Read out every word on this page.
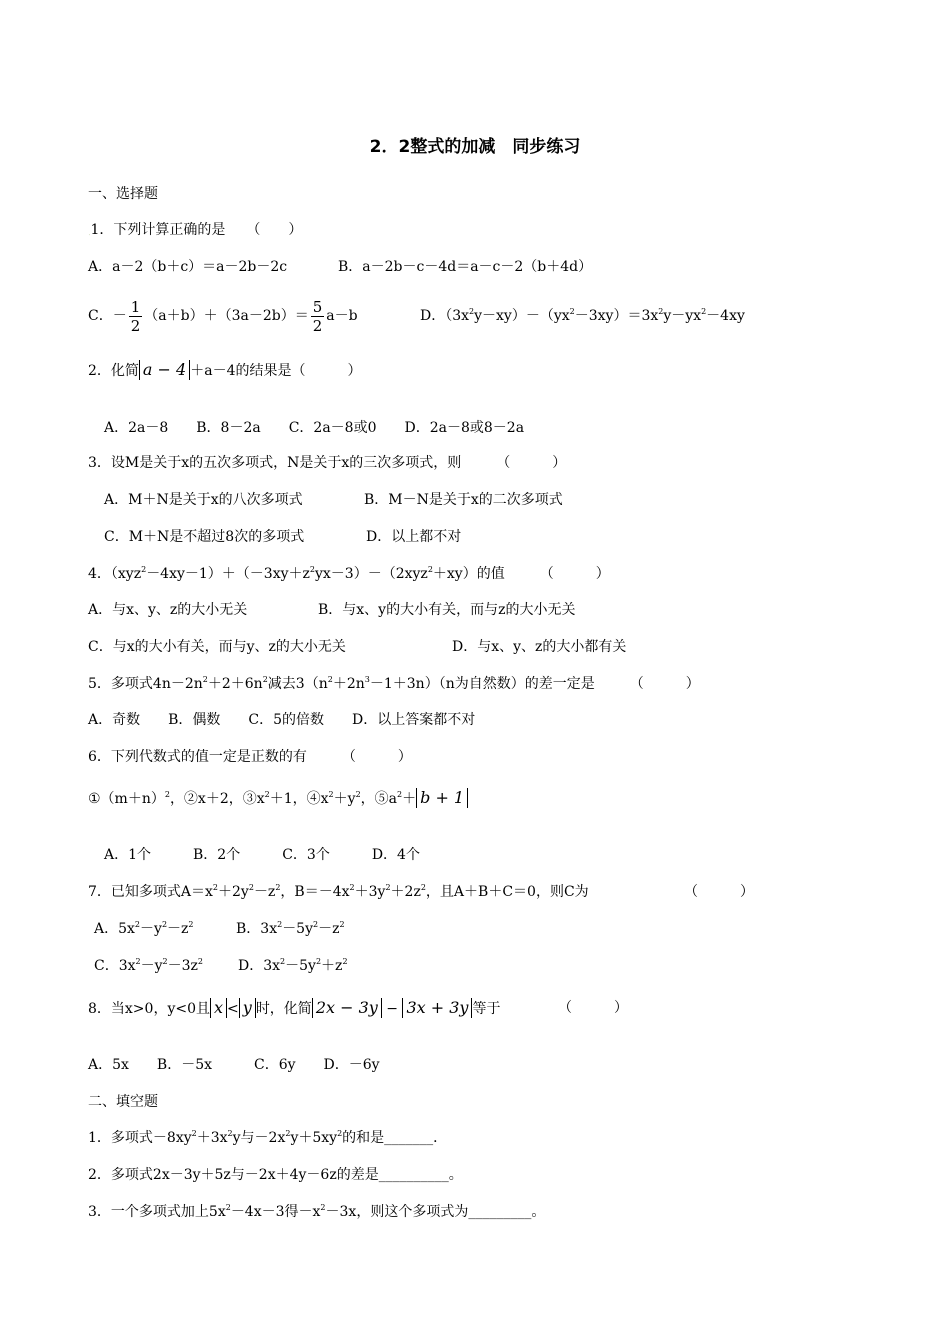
2．2整式的加减　同步练习
一、选择题
$_˙$1．下列计算正确的是　　（　　）
A．a－2（b＋c）＝a－2b－2c	B．a－2b－c－4d＝a－c－2（b＋4d）
C．－ $\frac{1}{2} (a+b)+(3a-2b)= \frac{5}{2} a-b$	D．$(3x^2y-xy)-(yx^2-3xy)=3x^2y-yx^2-4xy$
2．化简 a − 4 ＋a－4的结果是（　　　）
A．2a－8　　B．8－2a　　C．2a－8或0　　D．2a－8或8－2a
3．设M是关于x的五次多项式，N是关于x的三次多项式，则　　　（　　　）
A．M＋N是关于x的八次多项式	B．M－N是关于x的二次多项式
C．M＋N是不超过8次的多项式	D．以上都不对
4．$(xyz^2-4xy-1)+(-3xy+z^2yx-3)-(2xyz^2+xy)$的值　　　（　　　）
A．与x、y、z的大小无关	B．与x、y的大小有关，而与z的大小无关
C．与x的大小有关，而与y、z的大小无关	D．与x、y、z的大小都有关
5．多项式$4n-2n^2+2+6n^2$减去$3(n^2+2n^3-1+3n)(n$为自然数）的差一定是　　　（　　　）
A．奇数　　B．偶数　　C．5的倍数　　D．以上答案都不对
6．下列代数式的值一定是正数的有　　　（　　　）
$①(m+n)^2$，②x＋2，$③x^2+1$，$④x^2+y^2$，$⑤a^2+ b + 1$
A．1个　　　B．2个　　　C．3个　　　D．4个
7．已知多项式$A=x^2+2y^2-z^2$，$B=-4x^2+3y^2+2z^2$，且A＋B＋C＝0，则C为	（　　　）
A．$5x^2-y^2-z^2$	B．$3x^2-5y^2-z^2$
C．$3x^2-y^2-3z^2$ D．$3x^2-5y^2+z^2$
8．当x>0，y<0且 x < y 时，化简 2x − 3y − 3x + 3y 等于	（　　　）
A．5x　　B．－5x　　　C．6y　　D．－6y
二、填空题
1．多项式$-8xy^2+3x^2y$与$-2x^2y+5xy^2$的和是_______．
2．多项式2x－3y＋5z与－2x＋4y－6z的差是__________。
3．一个多项式加上$5x^2-4x-3$得$-x^2-3x$，则这个多项式为_________。
